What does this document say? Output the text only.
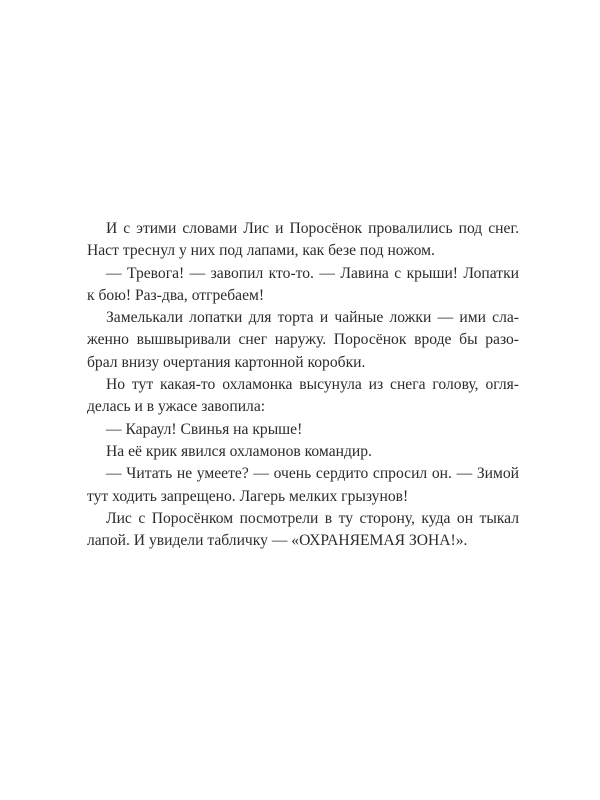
И с этими словами Лис и Поросёнок провалились под снег.
Наст треснул у них под лапами, как безе под ножом.
— Тревога! — завопил кто-то. — Лавина с крыши! Лопатки
к бою! Раз-два, отгребаем!
Замелькали лопатки для торта и чайные ложки — ими сла-
женно вышвыривали снег наружу. Поросёнок вроде бы разо-
брал внизу очертания картонной коробки.
Но тут какая-то охламонка высунула из снега голову, огля-
делась и в ужасе завопила:
— Караул! Свинья на крыше!
На её крик явился охламонов командир.
— Читать не умеете? — очень сердито спросил он. — Зимой
тут ходить запрещено. Лагерь мелких грызунов!
Лис с Поросёнком посмотрели в ту сторону, куда он тыкал
лапой. И увидели табличку — «ОХРАНЯЕМАЯ ЗОНА!».
